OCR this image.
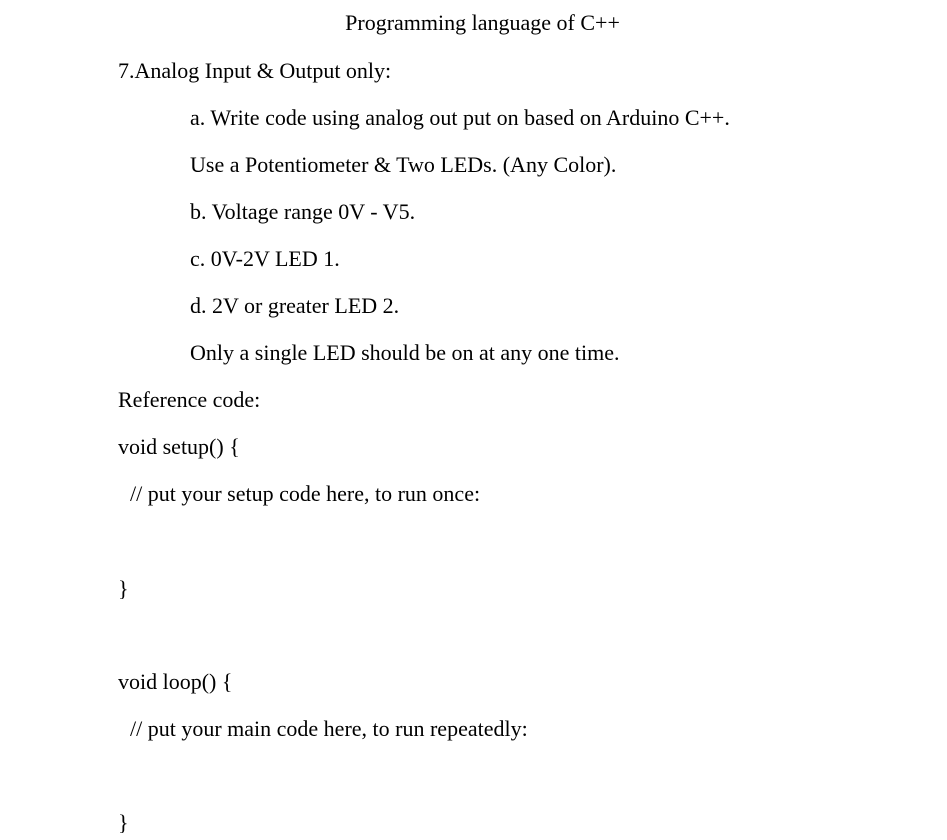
Programming language of C++
7.Analog Input & Output only:
a. Write code using analog out put on based on Arduino C++.
Use a Potentiometer & Two LEDs. (Any Color).
b. Voltage range 0V - V5.
c. 0V-2V LED 1.
d. 2V or greater LED 2.
Only a single LED should be on at any one time.
Reference code:
void setup() {
// put your setup code here, to run once:
}
void loop() {
// put your main code here, to run repeatedly:
}
